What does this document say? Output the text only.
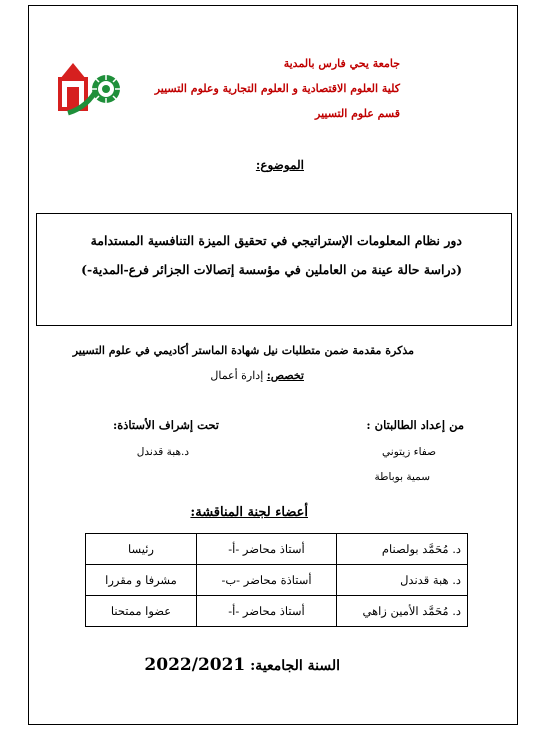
جامعة يحي فارس بالمدية
كلية العلوم الاقتصادية و العلوم التجارية وعلوم التسيير
قسم علوم التسيير
الموضوع:
دور نظام المعلومات الإستراتيجي في تحقيق الميزة التنافسية المستدامة
(دراسة حالة عينة من العاملين في مؤسسة إتصالات الجزائر فرع-المدية-)
مذكرة مقدمة ضمن متطلبات نيل شهادة الماستر أكاديمي في علوم التسيير
تخصص: إدارة أعمال
من إعداد الطالبتان :
صفاء زيتوني
سمية بوباطة
تحت إشراف الأستاذة:
د.هبة قدندل
أعضاء لجنة المناقشة:
د. مُحَمَّد بولصنام	أستاذ محاضر -أ-	رئيسا
د. هبة قدندل	أستاذة محاضر -ب-	مشرفا و مقررا
د. مُحَمَّد الأمين زاهي	أستاذ محاضر -أ-	عضوا ممتحنا
السنة الجامعية: 2022/2021
